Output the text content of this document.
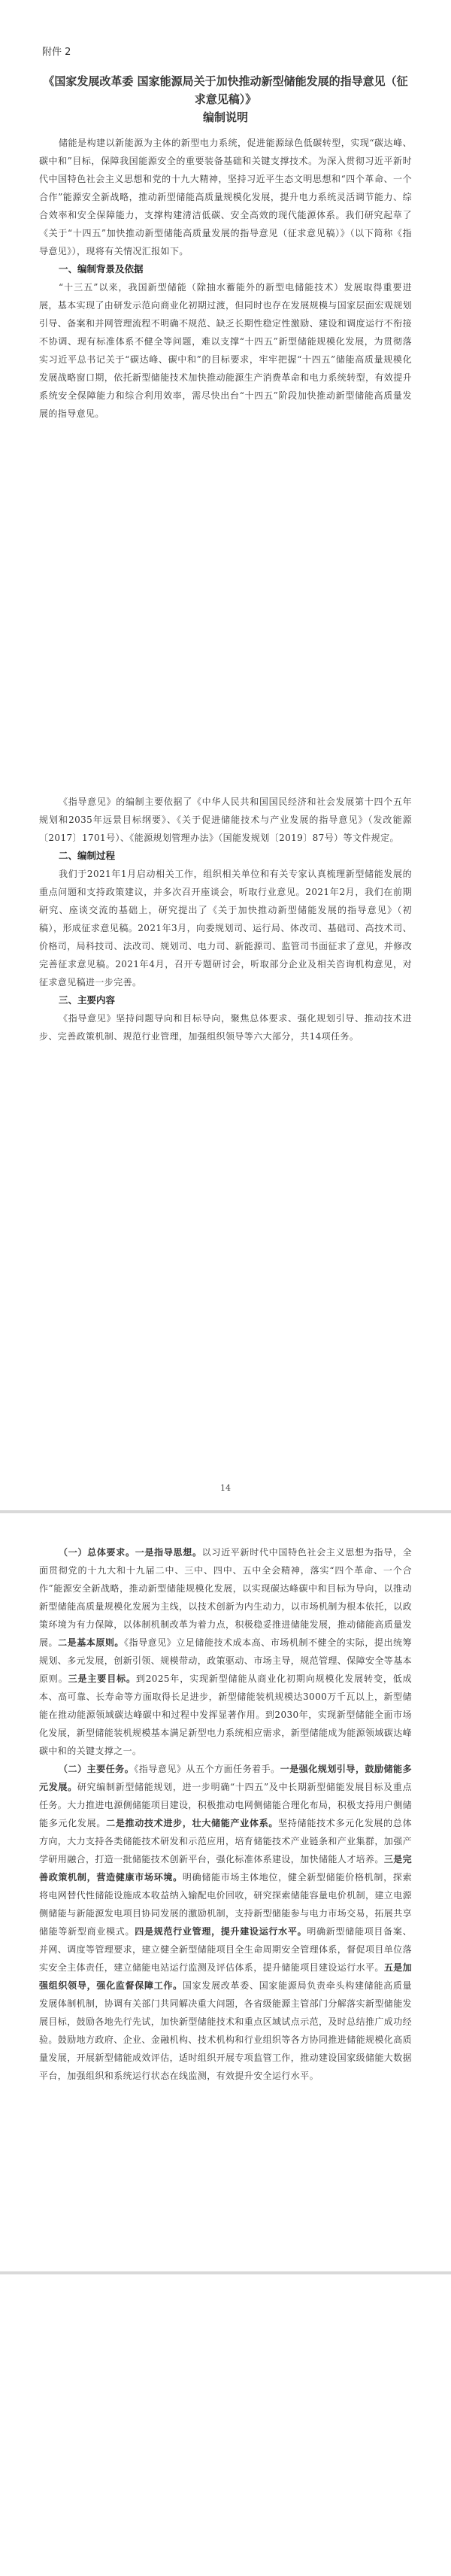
附件 2

《国家发展改革委 国家能源局关于加快推动新型储能发展的指导意见（征求意见稿）》

编制说明

储能是构建以新能源为主体的新型电力系统，促进能源绿色低碳转型，实现“碳达峰、碳中和”目标，保障我国能源安全的重要装备基础和关键支撑技术。为深入贯彻习近平新时代中国特色社会主义思想和党的十九大精神，坚持习近平生态文明思想和“四个革命、一个合作”能源安全新战略，推动新型储能高质量规模化发展，提升电力系统灵活调节能力、综合效率和安全保障能力，支撑构建清洁低碳、安全高效的现代能源体系。我们研究起草了《关于“十四五”加快推动新型储能高质量发展的指导意见（征求意见稿）》（以下简称《指导意见》），现将有关情况汇报如下。

一、编制背景及依据

“十三五”以来，我国新型储能（除抽水蓄能外的新型电储能技术）发展取得重要进展，基本实现了由研发示范向商业化初期过渡，但同时也存在发展规模与国家层面宏观规划引导、备案和并网管理流程不明确不规范、缺乏长期性稳定性激励、建设和调度运行不衔接不协调、现有标准体系不健全等问题，难以支撑“十四五”新型储能规模化发展，为贯彻落实习近平总书记关于“碳达峰、碳中和”的目标要求，牢牢把握“十四五”储能高质量规模化发展战略窗口期，依托新型储能技术加快推动能源生产消费革命和电力系统转型，有效提升系统安全保障能力和综合利用效率，需尽快出台“十四五”阶段加快推动新型储能高质量发展的指导意见。

《指导意见》的编制主要依据了《中华人民共和国国民经济和社会发展第十四个五年规划和2035年远景目标纲要》、《关于促进储能技术与产业发展的指导意见》（发改能源〔2017〕1701号）、《能源规划管理办法》（国能发规划〔2019〕87号）等文件规定。

二、编制过程

我们于2021年1月启动相关工作，组织相关单位和有关专家认真梳理新型储能发展的重点问题和支持政策建议，并多次召开座谈会，听取行业意见。2021年2月，我们在前期研究、座谈交流的基础上，研究提出了《关于加快推动新型储能发展的指导意见》（初稿），形成征求意见稿。2021年3月，向委规划司、运行局、体改司、基础司、高技术司、价格司，局科技司、法改司、规划司、电力司、新能源司、监管司书面征求了意见，并修改完善征求意见稿。2021年4月，召开专题研讨会，听取部分企业及相关咨询机构意见，对征求意见稿进一步完善。

三、主要内容

《指导意见》坚持问题导向和目标导向，聚焦总体要求、强化规划引导、推动技术进步、完善政策机制、规范行业管理，加强组织领导等六大部分，共14项任务。

14

（一）总体要求。一是指导思想。以习近平新时代中国特色社会主义思想为指导，全面贯彻党的十九大和十九届二中、三中、四中、五中全会精神，落实“四个革命、一个合作”能源安全新战略，推动新型储能规模化发展，以实现碳达峰碳中和目标为导向，以推动新型储能高质量规模化发展为主线，以技术创新为内生动力，以市场机制为根本依托，以政策环境为有力保障，以体制机制改革为着力点，积极稳妥推进储能发展，推动储能高质量发展。二是基本原则。《指导意见》立足储能技术成本高、市场机制不健全的实际，提出统筹规划、多元发展，创新引领、规模带动，政策驱动、市场主导，规范管理、保障安全等基本原则。三是主要目标。到2025年，实现新型储能从商业化初期向规模化发展转变，低成本、高可靠、长寿命等方面取得长足进步，新型储能装机规模达3000万千瓦以上，新型储能在推动能源领域碳达峰碳中和过程中发挥显著作用。到2030年，实现新型储能全面市场化发展，新型储能装机规模基本满足新型电力系统相应需求，新型储能成为能源领域碳达峰碳中和的关键支撑之一。

（二）主要任务。《指导意见》从五个方面任务着手。一是强化规划引导，鼓励储能多元发展。研究编制新型储能规划，进一步明确“十四五”及中长期新型储能发展目标及重点任务。大力推进电源侧储能项目建设，积极推动电网侧储能合理化布局，积极支持用户侧储能多元化发展。二是推动技术进步，壮大储能产业体系。坚持储能技术多元化发展的总体方向，大力支持各类储能技术研发和示范应用，培育储能技术产业链条和产业集群，加强产学研用融合，打造一批储能技术创新平台，强化标准体系建设，加快储能人才培养。三是完善政策机制，营造健康市场环境。明确储能市场主体地位，健全新型储能价格机制，探索将电网替代性储能设施成本收益纳入输配电价回收，研究探索储能容量电价机制，建立电源侧储能与新能源发电项目协同发展的激励机制，支持新型储能参与电力市场交易，拓展共享储能等新型商业模式。四是规范行业管理，提升建设运行水平。明确新型储能项目备案、并网、调度等管理要求，建立健全新型储能项目全生命周期安全管理体系，督促项目单位落实安全主体责任，建立储能电站运行监测及评估体系，提升储能项目建设运行水平。五是加强组织领导，强化监督保障工作。国家发展改革委、国家能源局负责牵头构建储能高质量发展体制机制，协调有关部门共同解决重大问题，各省级能源主管部门分解落实新型储能发展目标，鼓励各地先行先试，加快新型储能技术和重点区域试点示范，及时总结推广成功经验。鼓励地方政府、企业、金融机构、技术机构和行业组织等各方协同推进储能规模化高质量发展，开展新型储能成效评估，适时组织开展专项监管工作，推动建设国家级储能大数据平台，加强组织和系统运行状态在线监测，有效提升安全运行水平。
